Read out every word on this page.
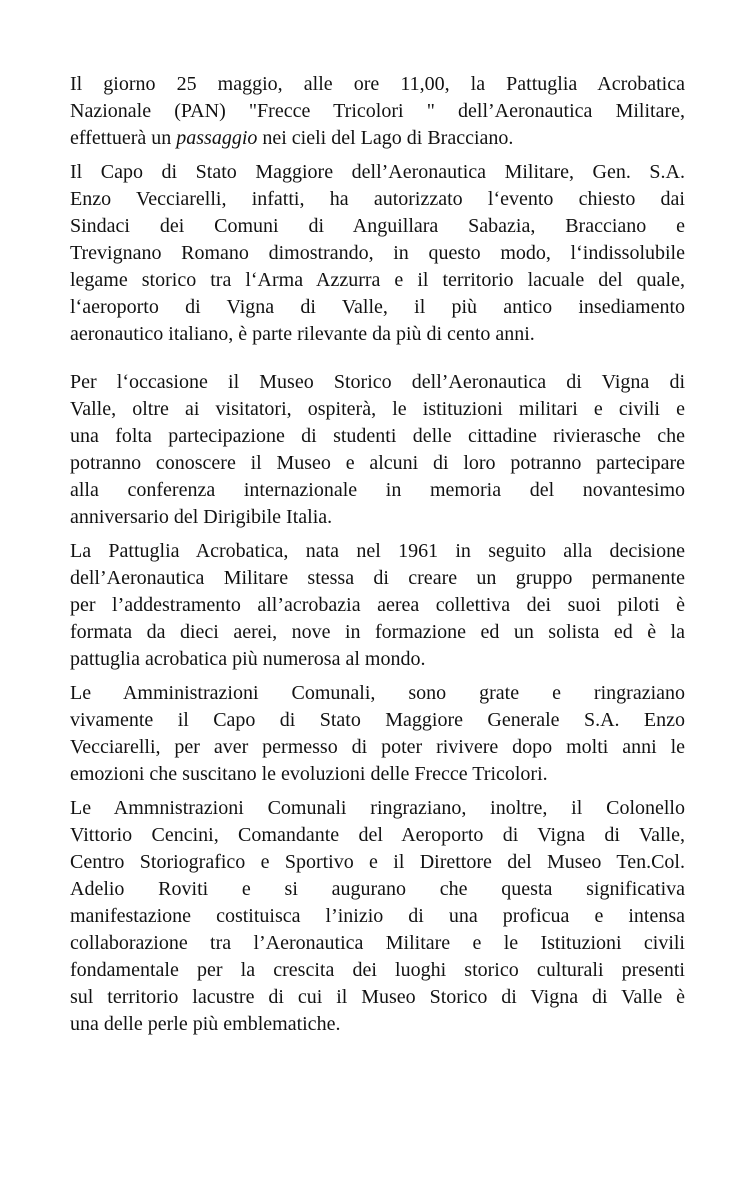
Il giorno 25 maggio, alle ore 11,00, la Pattuglia Acrobatica
Nazionale (PAN) "Frecce Tricolori " dell’Aeronautica Militare,
effettuerà un passaggio nei cieli del Lago di Bracciano.
Il Capo di Stato Maggiore dell’Aeronautica Militare, Gen. S.A.
Enzo Vecciarelli, infatti, ha autorizzato l‘evento chiesto dai
Sindaci dei Comuni di Anguillara Sabazia, Bracciano e
Trevignano Romano dimostrando, in questo modo, l‘indissolubile
legame storico tra l‘Arma Azzurra e il territorio lacuale del quale,
l‘aeroporto di Vigna di Valle, il più antico insediamento
aeronautico italiano, è parte rilevante da più di cento anni.
Per l‘occasione il Museo Storico dell’Aeronautica di Vigna di
Valle, oltre ai visitatori, ospiterà, le istituzioni militari e civili e
una folta partecipazione di studenti delle cittadine rivierasche che
potranno conoscere il Museo e alcuni di loro potranno partecipare
alla conferenza internazionale in memoria del novantesimo
anniversario del Dirigibile Italia.
La Pattuglia Acrobatica, nata nel 1961 in seguito alla decisione
dell’Aeronautica Militare stessa di creare un gruppo permanente
per l’addestramento all’acrobazia aerea collettiva dei suoi piloti è
formata da dieci aerei, nove in formazione ed un solista ed è la
pattuglia acrobatica più numerosa al mondo.
Le Amministrazioni Comunali, sono grate e ringraziano
vivamente il Capo di Stato Maggiore Generale S.A. Enzo
Vecciarelli, per aver permesso di poter rivivere dopo molti anni le
emozioni che suscitano le evoluzioni delle Frecce Tricolori.
Le Ammnistrazioni Comunali ringraziano, inoltre, il Colonello
Vittorio Cencini, Comandante del Aeroporto di Vigna di Valle,
Centro Storiografico e Sportivo e il Direttore del Museo Ten.Col.
Adelio Roviti e si augurano che questa significativa
manifestazione costituisca l’inizio di una proficua e intensa
collaborazione tra l’Aeronautica Militare e le Istituzioni civili
fondamentale per la crescita dei luoghi storico culturali presenti
sul territorio lacustre di cui il Museo Storico di Vigna di Valle è
una delle perle più emblematiche.
